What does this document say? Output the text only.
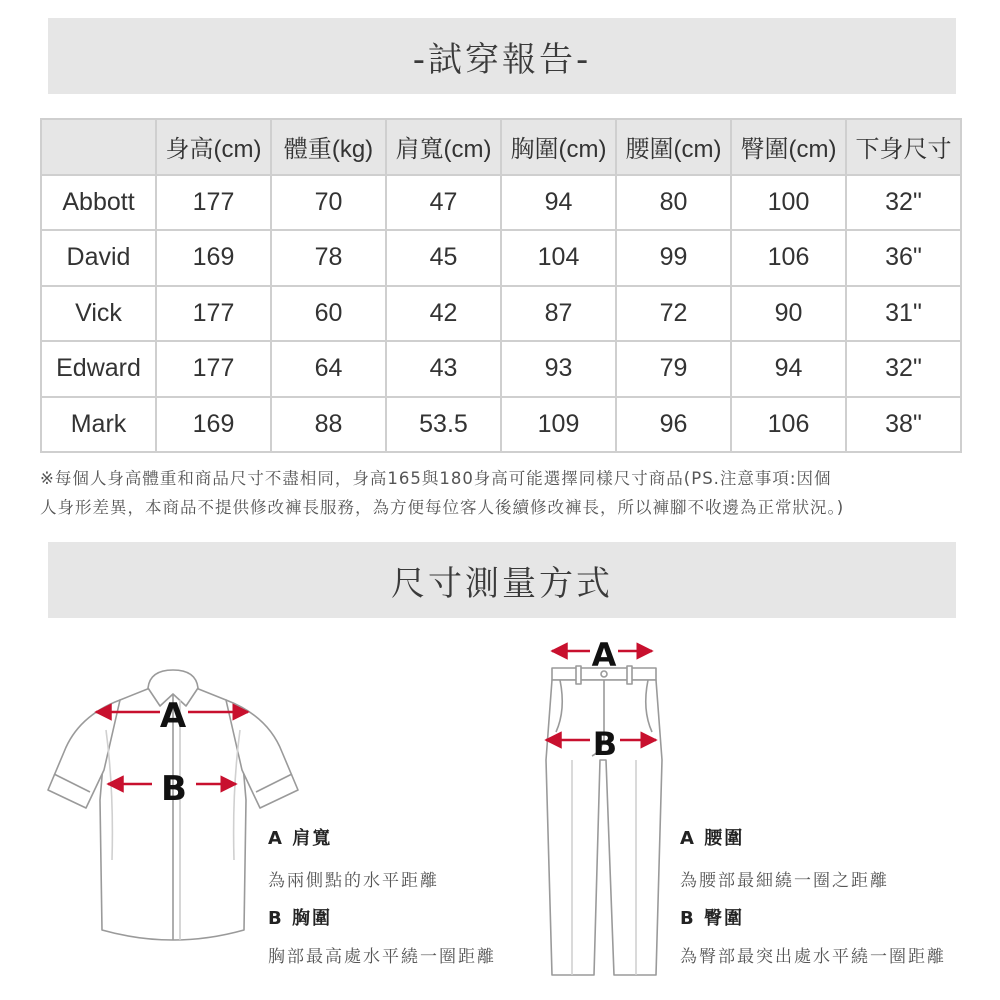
-試穿報告-
	身高(cm)	體重(kg)	肩寬(cm)	胸圍(cm)	腰圍(cm)	臀圍(cm)	下身尺寸
Abbott	177	70	47	94	80	100	32"
David	169	78	45	104	99	106	36"
Vick	177	60	42	87	72	90	31"
Edward	177	64	43	93	79	94	32"
Mark	169	88	53.5	109	96	106	38"
※每個人身高體重和商品尺寸不盡相同，身高165與180身高可能選擇同樣尺寸商品(PS.注意事項:因個
人身形差異，本商品不提供修改褲長服務，為方便每位客人後續修改褲長，所以褲腳不收邊為正常狀況。)
尺寸測量方式
A
B
A
B
A 肩寬
為兩側點的水平距離
B 胸圍
胸部最高處水平繞一圈距離
A 腰圍
為腰部最細繞一圈之距離
B 臀圍
為臀部最突出處水平繞一圈距離
